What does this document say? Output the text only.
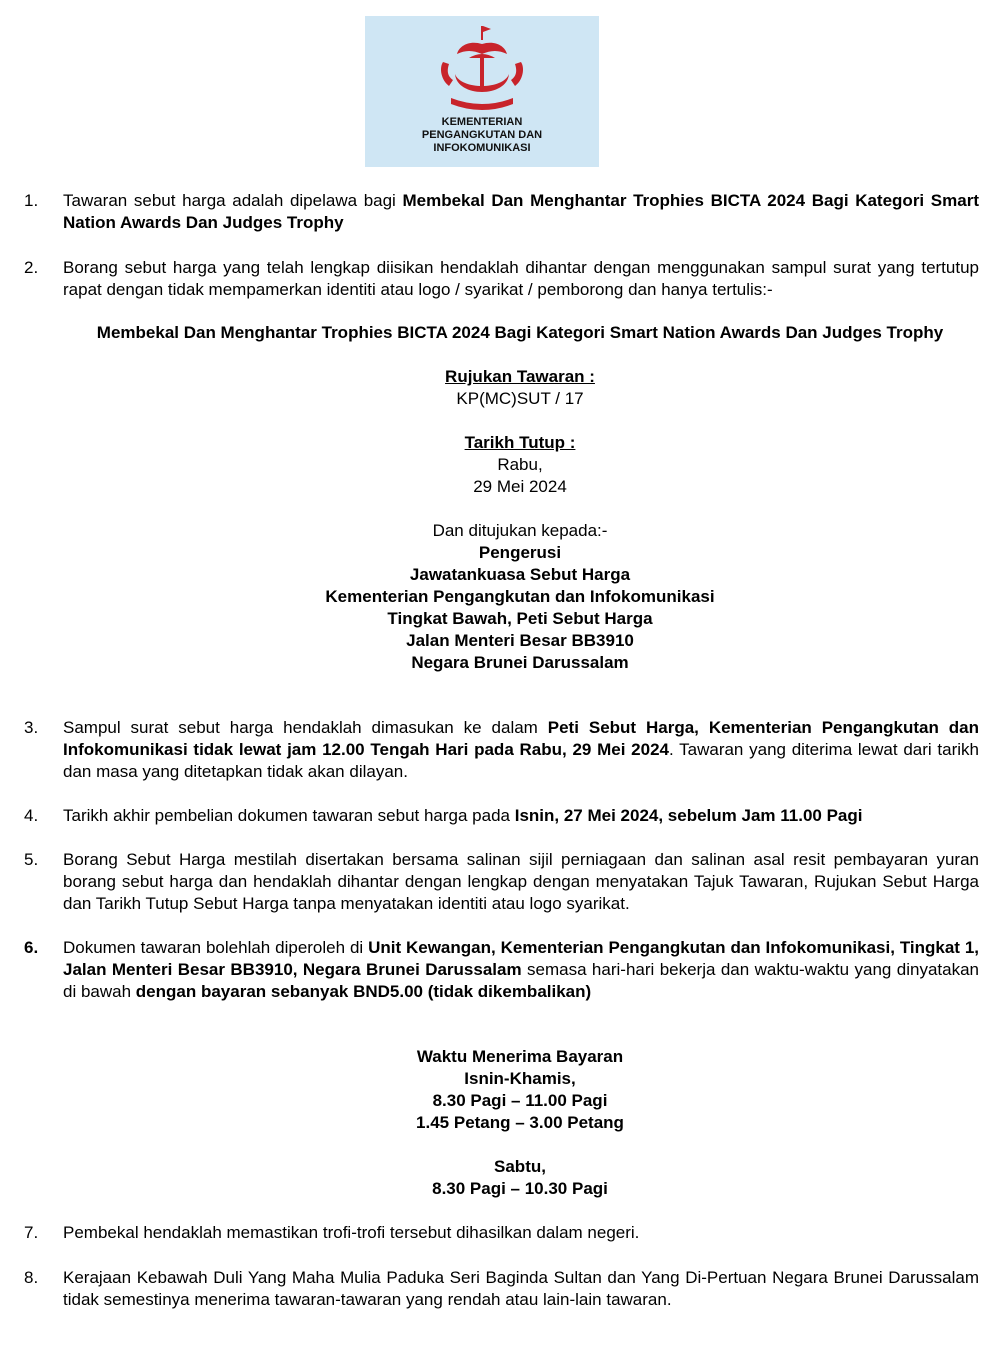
KEMENTERIAN
PENGANGKUTAN DAN
INFOKOMUNIKASI
1.	Tawaran sebut harga adalah dipelawa bagi Membekal Dan Menghantar Trophies BICTA 2024 Bagi Kategori Smart Nation Awards Dan Judges Trophy
2.	Borang sebut harga yang telah lengkap diisikan hendaklah dihantar dengan menggunakan sampul surat yang tertutup rapat dengan tidak mempamerkan identiti atau logo / syarikat / pemborong dan hanya tertulis:-

Membekal Dan Menghantar Trophies BICTA 2024 Bagi Kategori Smart Nation Awards Dan Judges Trophy

Rujukan Tawaran :

KP(MC)SUT / 17

Tarikh Tutup :

Rabu,

29 Mei 2024

Dan ditujukan kepada:-

Pengerusi

Jawatankuasa Sebut Harga

Kementerian Pengangkutan dan Infokomunikasi

Tingkat Bawah, Peti Sebut Harga

Jalan Menteri Besar BB3910

Negara Brunei Darussalam

3.	Sampul surat sebut harga hendaklah dimasukan ke dalam Peti Sebut Harga, Kementerian Pengangkutan dan Infokomunikasi tidak lewat jam 12.00 Tengah Hari pada Rabu, 29 Mei 2024. Tawaran yang diterima lewat dari tarikh dan masa yang ditetapkan tidak akan dilayan.
4.	Tarikh akhir pembelian dokumen tawaran sebut harga pada Isnin, 27 Mei 2024, sebelum Jam 11.00 Pagi
5.	Borang Sebut Harga mestilah disertakan bersama salinan sijil perniagaan dan salinan asal resit pembayaran yuran borang sebut harga dan hendaklah dihantar dengan lengkap dengan menyatakan Tajuk Tawaran, Rujukan Sebut Harga dan Tarikh Tutup Sebut Harga tanpa menyatakan identiti atau logo syarikat.
6.	Dokumen tawaran bolehlah diperoleh di Unit Kewangan, Kementerian Pengangkutan dan Infokomunikasi, Tingkat 1, Jalan Menteri Besar BB3910, Negara Brunei Darussalam semasa hari-hari bekerja dan waktu-waktu yang dinyatakan di bawah dengan bayaran sebanyak BND5.00 (tidak dikembalikan)

Waktu Menerima Bayaran

Isnin-Khamis,

8.30 Pagi – 11.00 Pagi

1.45 Petang – 3.00 Petang

Sabtu,

8.30 Pagi – 10.30 Pagi

7.	Pembekal hendaklah memastikan trofi-trofi tersebut dihasilkan dalam negeri.
8.	Kerajaan Kebawah Duli Yang Maha Mulia Paduka Seri Baginda Sultan dan Yang Di-Pertuan Negara Brunei Darussalam tidak semestinya menerima tawaran-tawaran yang rendah atau lain-lain tawaran.
